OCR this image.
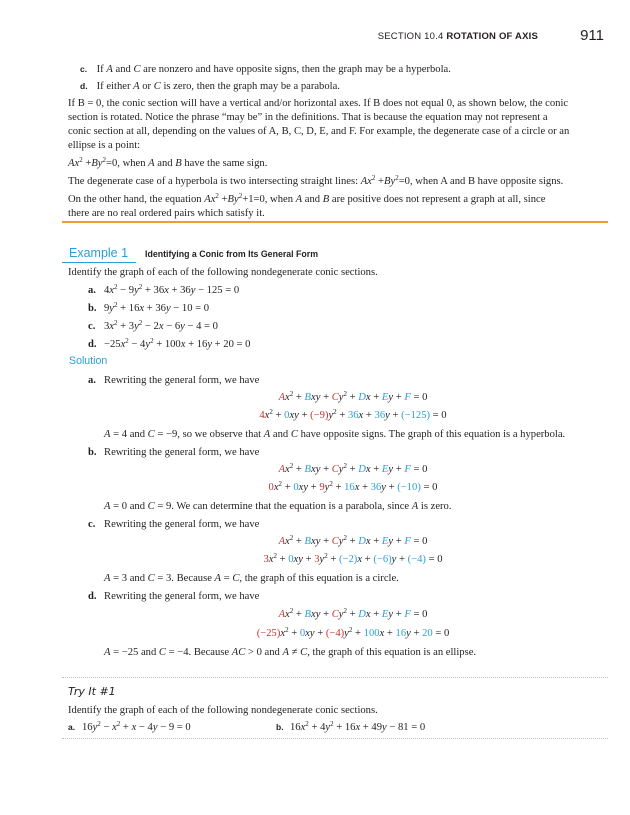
SECTION 10.4 ROTATION OF AXIS	911
c. If A and C are nonzero and have opposite signs, then the graph may be a hyperbola.
d. If either A or C is zero, then the graph may be a parabola.
If B = 0, the conic section will have a vertical and/or horizontal axes. If B does not equal 0, as shown below, the conic
section is rotated. Notice the phrase “may be” in the definitions. That is because the equation may not represent a
conic section at all, depending on the values of A, B, C, D, E, and F. For example, the degenerate case of a circle or an
ellipse is a point:
$Ax^2 +By^2=0$, when A and B have the same sign.
The degenerate case of a hyperbola is two intersecting straight lines: $Ax^2 +By^2=0$, when A and B have opposite signs.
On the other hand, the equation $Ax^2 +By^2+1=0$, when A and B are positive does not represent a graph at all, since
there are no real ordered pairs which satisfy it.
Example 1 Identifying a Conic from Its General Form
Identify the graph of each of the following nondegenerate conic sections.
a. $4x^2 - 9y^2 + 36x + 36y - 125 = 0$
b. $9y^2 + 16x + 36y - 10 = 0$
c. $3x^2 + 3y^2 - 2x - 6y - 4 = 0$
d. $-25x^2 - 4y^2 + 100x + 16y + 20 = 0$
Solution
a. Rewriting the general form, we have
$Ax^2$ + Bxy + $Cy^2 + Dx + Ey + F = 0$
$4x^2 + 0xy + (-9)y^2 + 36x + 36y + (-125) = 0$
A = 4 and C = −9, so we observe that A and C have opposite signs. The graph of this equation is a hyperbola.
b. Rewriting the general form, we have
$Ax^2$ + Bxy + $Cy^2 + Dx + Ey + F = 0$
$0x^2 + 0xy + 9y^2 + 16x + 36y + (-10) = 0$
A = 0 and C = 9. We can determine that the equation is a parabola, since A is zero.
c. Rewriting the general form, we have
$Ax^2$ + Bxy + $Cy^2 + Dx + Ey + F = 0$
$3x^2 + 0xy + 3y^2 + (-2)x + (-6)y + (-4) = 0$
A = 3 and C = 3. Because A = C, the graph of this equation is a circle.
d. Rewriting the general form, we have
$Ax^2$ + Bxy + $Cy^2 + Dx + Ey + F = 0$
$(-25)x^2 + 0xy + (-4)y^2 + 100x + 16y + 20 = 0$
A = −25 and C = −4. Because AC > 0 and A ≠ C, the graph of this equation is an ellipse.
Try It #1
Identify the graph of each of the following nondegenerate conic sections.
a. $16y^2 - x^2 + x - 4y - 9 = 0$	b. $16x^2 + 4y^2 + 16x + 49y - 81 = 0$
